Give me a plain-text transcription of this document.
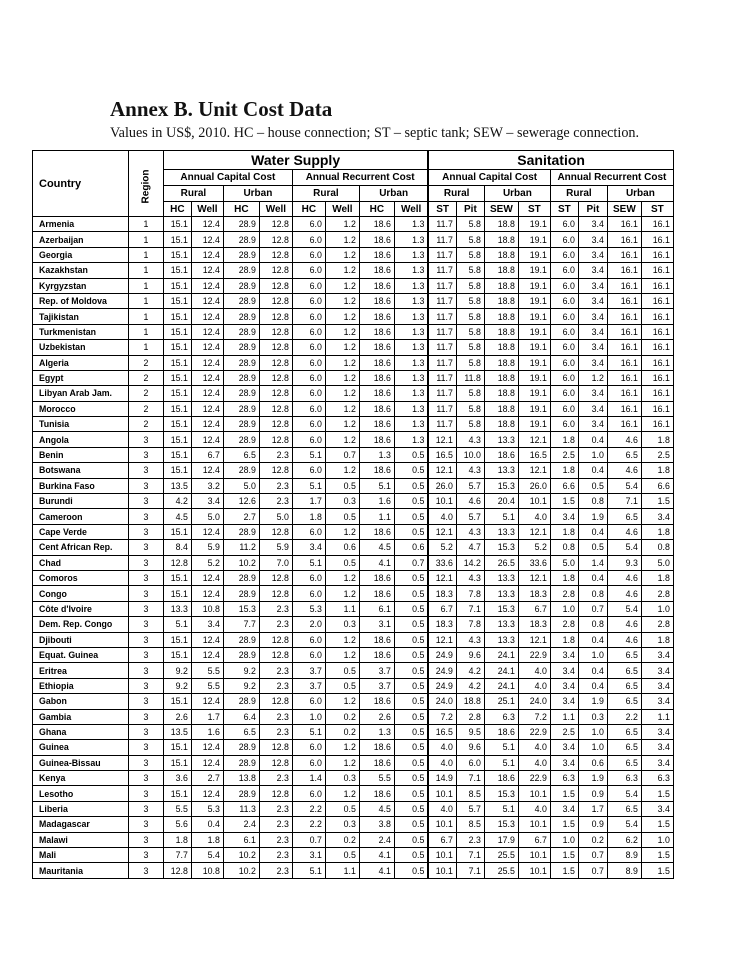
Annex B. Unit Cost Data
Values in US$, 2010. HC – house connection; ST – septic tank; SEW – sewerage connection.
Country	Region	Water Supply								Sanitation							
		Annual Capital Cost				Annual Recurrent Cost				Annual Capital Cost				Annual Recurrent Cost			
		Rural		Urban		Rural		Urban		Rural		Urban		Rural		Urban	
		HC	Well	HC	Well	HC	Well	HC	Well	ST	Pit	SEW	ST	ST	Pit	SEW	ST
Armenia	1	15.1	12.4	28.9	12.8	6.0	1.2	18.6	1.3	11.7	5.8	18.8	19.1	6.0	3.4	16.1	16.1
Azerbaijan	1	15.1	12.4	28.9	12.8	6.0	1.2	18.6	1.3	11.7	5.8	18.8	19.1	6.0	3.4	16.1	16.1
Georgia	1	15.1	12.4	28.9	12.8	6.0	1.2	18.6	1.3	11.7	5.8	18.8	19.1	6.0	3.4	16.1	16.1
Kazakhstan	1	15.1	12.4	28.9	12.8	6.0	1.2	18.6	1.3	11.7	5.8	18.8	19.1	6.0	3.4	16.1	16.1
Kyrgyzstan	1	15.1	12.4	28.9	12.8	6.0	1.2	18.6	1.3	11.7	5.8	18.8	19.1	6.0	3.4	16.1	16.1
Rep. of Moldova	1	15.1	12.4	28.9	12.8	6.0	1.2	18.6	1.3	11.7	5.8	18.8	19.1	6.0	3.4	16.1	16.1
Tajikistan	1	15.1	12.4	28.9	12.8	6.0	1.2	18.6	1.3	11.7	5.8	18.8	19.1	6.0	3.4	16.1	16.1
Turkmenistan	1	15.1	12.4	28.9	12.8	6.0	1.2	18.6	1.3	11.7	5.8	18.8	19.1	6.0	3.4	16.1	16.1
Uzbekistan	1	15.1	12.4	28.9	12.8	6.0	1.2	18.6	1.3	11.7	5.8	18.8	19.1	6.0	3.4	16.1	16.1
Algeria	2	15.1	12.4	28.9	12.8	6.0	1.2	18.6	1.3	11.7	5.8	18.8	19.1	6.0	3.4	16.1	16.1
Egypt	2	15.1	12.4	28.9	12.8	6.0	1.2	18.6	1.3	11.7	11.8	18.8	19.1	6.0	1.2	16.1	16.1
Libyan Arab Jam.	2	15.1	12.4	28.9	12.8	6.0	1.2	18.6	1.3	11.7	5.8	18.8	19.1	6.0	3.4	16.1	16.1
Morocco	2	15.1	12.4	28.9	12.8	6.0	1.2	18.6	1.3	11.7	5.8	18.8	19.1	6.0	3.4	16.1	16.1
Tunisia	2	15.1	12.4	28.9	12.8	6.0	1.2	18.6	1.3	11.7	5.8	18.8	19.1	6.0	3.4	16.1	16.1
Angola	3	15.1	12.4	28.9	12.8	6.0	1.2	18.6	1.3	12.1	4.3	13.3	12.1	1.8	0.4	4.6	1.8
Benin	3	15.1	6.7	6.5	2.3	5.1	0.7	1.3	0.5	16.5	10.0	18.6	16.5	2.5	1.0	6.5	2.5
Botswana	3	15.1	12.4	28.9	12.8	6.0	1.2	18.6	0.5	12.1	4.3	13.3	12.1	1.8	0.4	4.6	1.8
Burkina Faso	3	13.5	3.2	5.0	2.3	5.1	0.5	5.1	0.5	26.0	5.7	15.3	26.0	6.6	0.5	5.4	6.6
Burundi	3	4.2	3.4	12.6	2.3	1.7	0.3	1.6	0.5	10.1	4.6	20.4	10.1	1.5	0.8	7.1	1.5
Cameroon	3	4.5	5.0	2.7	5.0	1.8	0.5	1.1	0.5	4.0	5.7	5.1	4.0	3.4	1.9	6.5	3.4
Cape Verde	3	15.1	12.4	28.9	12.8	6.0	1.2	18.6	0.5	12.1	4.3	13.3	12.1	1.8	0.4	4.6	1.8
Cent African Rep.	3	8.4	5.9	11.2	5.9	3.4	0.6	4.5	0.6	5.2	4.7	15.3	5.2	0.8	0.5	5.4	0.8
Chad	3	12.8	5.2	10.2	7.0	5.1	0.5	4.1	0.7	33.6	14.2	26.5	33.6	5.0	1.4	9.3	5.0
Comoros	3	15.1	12.4	28.9	12.8	6.0	1.2	18.6	0.5	12.1	4.3	13.3	12.1	1.8	0.4	4.6	1.8
Congo	3	15.1	12.4	28.9	12.8	6.0	1.2	18.6	0.5	18.3	7.8	13.3	18.3	2.8	0.8	4.6	2.8
Côte d'Ivoire	3	13.3	10.8	15.3	2.3	5.3	1.1	6.1	0.5	6.7	7.1	15.3	6.7	1.0	0.7	5.4	1.0
Dem. Rep. Congo	3	5.1	3.4	7.7	2.3	2.0	0.3	3.1	0.5	18.3	7.8	13.3	18.3	2.8	0.8	4.6	2.8
Djibouti	3	15.1	12.4	28.9	12.8	6.0	1.2	18.6	0.5	12.1	4.3	13.3	12.1	1.8	0.4	4.6	1.8
Equat. Guinea	3	15.1	12.4	28.9	12.8	6.0	1.2	18.6	0.5	24.9	9.6	24.1	22.9	3.4	1.0	6.5	3.4
Eritrea	3	9.2	5.5	9.2	2.3	3.7	0.5	3.7	0.5	24.9	4.2	24.1	4.0	3.4	0.4	6.5	3.4
Ethiopia	3	9.2	5.5	9.2	2.3	3.7	0.5	3.7	0.5	24.9	4.2	24.1	4.0	3.4	0.4	6.5	3.4
Gabon	3	15.1	12.4	28.9	12.8	6.0	1.2	18.6	0.5	24.0	18.8	25.1	24.0	3.4	1.9	6.5	3.4
Gambia	3	2.6	1.7	6.4	2.3	1.0	0.2	2.6	0.5	7.2	2.8	6.3	7.2	1.1	0.3	2.2	1.1
Ghana	3	13.5	1.6	6.5	2.3	5.1	0.2	1.3	0.5	16.5	9.5	18.6	22.9	2.5	1.0	6.5	3.4
Guinea	3	15.1	12.4	28.9	12.8	6.0	1.2	18.6	0.5	4.0	9.6	5.1	4.0	3.4	1.0	6.5	3.4
Guinea-Bissau	3	15.1	12.4	28.9	12.8	6.0	1.2	18.6	0.5	4.0	6.0	5.1	4.0	3.4	0.6	6.5	3.4
Kenya	3	3.6	2.7	13.8	2.3	1.4	0.3	5.5	0.5	14.9	7.1	18.6	22.9	6.3	1.9	6.3	6.3
Lesotho	3	15.1	12.4	28.9	12.8	6.0	1.2	18.6	0.5	10.1	8.5	15.3	10.1	1.5	0.9	5.4	1.5
Liberia	3	5.5	5.3	11.3	2.3	2.2	0.5	4.5	0.5	4.0	5.7	5.1	4.0	3.4	1.7	6.5	3.4
Madagascar	3	5.6	0.4	2.4	2.3	2.2	0.3	3.8	0.5	10.1	8.5	15.3	10.1	1.5	0.9	5.4	1.5
Malawi	3	1.8	1.8	6.1	2.3	0.7	0.2	2.4	0.5	6.7	2.3	17.9	6.7	1.0	0.2	6.2	1.0
Mali	3	7.7	5.4	10.2	2.3	3.1	0.5	4.1	0.5	10.1	7.1	25.5	10.1	1.5	0.7	8.9	1.5
Mauritania	3	12.8	10.8	10.2	2.3	5.1	1.1	4.1	0.5	10.1	7.1	25.5	10.1	1.5	0.7	8.9	1.5
